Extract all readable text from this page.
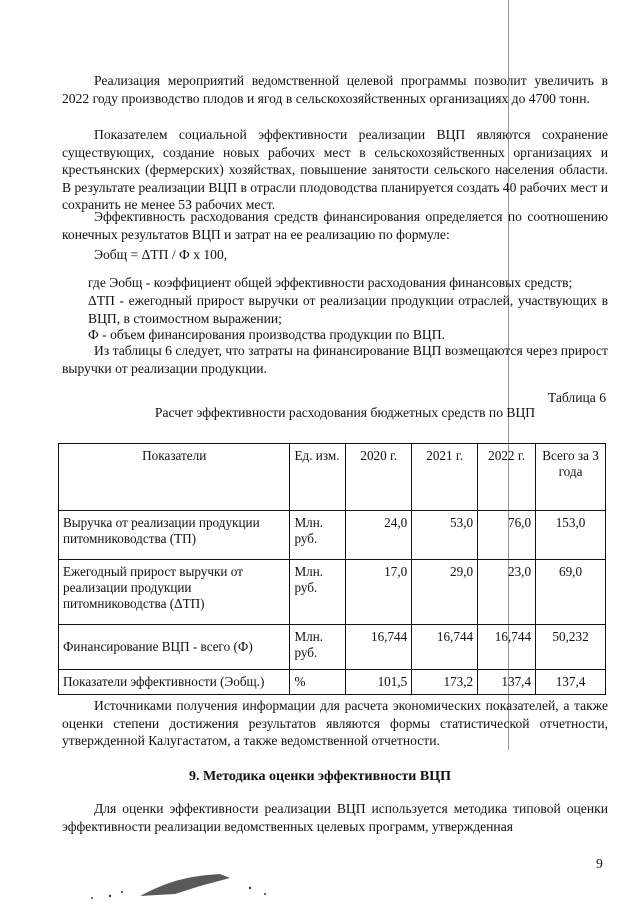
Реализация мероприятий ведомственной целевой программы позволит увеличить в 2022 году производство плодов и ягод в сельскохозяйственных организациях до 4700 тонн.

Показателем социальной эффективности реализации ВЦП являются сохранение существующих, создание новых рабочих мест в сельскохозяйственных организациях и крестьянских (фермерских) хозяйствах, повышение занятости сельского населения области. В результате реализации ВЦП в отрасли плодоводства планируется создать 40 рабочих мест и сохранить не менее 53 рабочих мест.

Эффективность расходования средств финансирования определяется по соотношению конечных результатов ВЦП и затрат на ее реализацию по формуле:

Эобщ = ΔТП / Ф х 100,
где Эобщ - коэффициент общей эффективности расходования финансовых средств;
ΔТП - ежегодный прирост выручки от реализации продукции отраслей, участвующих в ВЦП, в стоимостном выражении;
Ф - объем финансирования производства продукции по ВЦП.

Из таблицы 6 следует, что затраты на финансирование ВЦП возмещаются через прирост выручки от реализации продукции.

Таблица 6
Расчет эффективности расходования бюджетных средств по ВЦП
Показатели	Ед. изм.	2020 г.	2021 г.	2022 г.	Всего за 3 года
Выручка от реализации продукции питомниководства (ТП)	Млн. руб.	24,0	53,0	76,0	153,0
Ежегодный прирост выручки от реализации продукции питомниководства (ΔТП)	Млн. руб.	17,0	29,0	23,0	69,0
Финансирование ВЦП - всего (Ф)	Млн. руб.	16,744	16,744	16,744	50,232
Показатели эффективности (Эобщ.)	%	101,5	173,2	137,4	137,4

Источниками получения информации для расчета экономических показателей, а также оценки степени достижения результатов являются формы статистической отчетности, утвержденной Калугастатом, а также ведомственной отчетности.

9. Методика оценки эффективности ВЦП

Для оценки эффективности реализации ВЦП используется методика типовой оценки эффективности реализации ведомственных целевых программ, утвержденная

9
